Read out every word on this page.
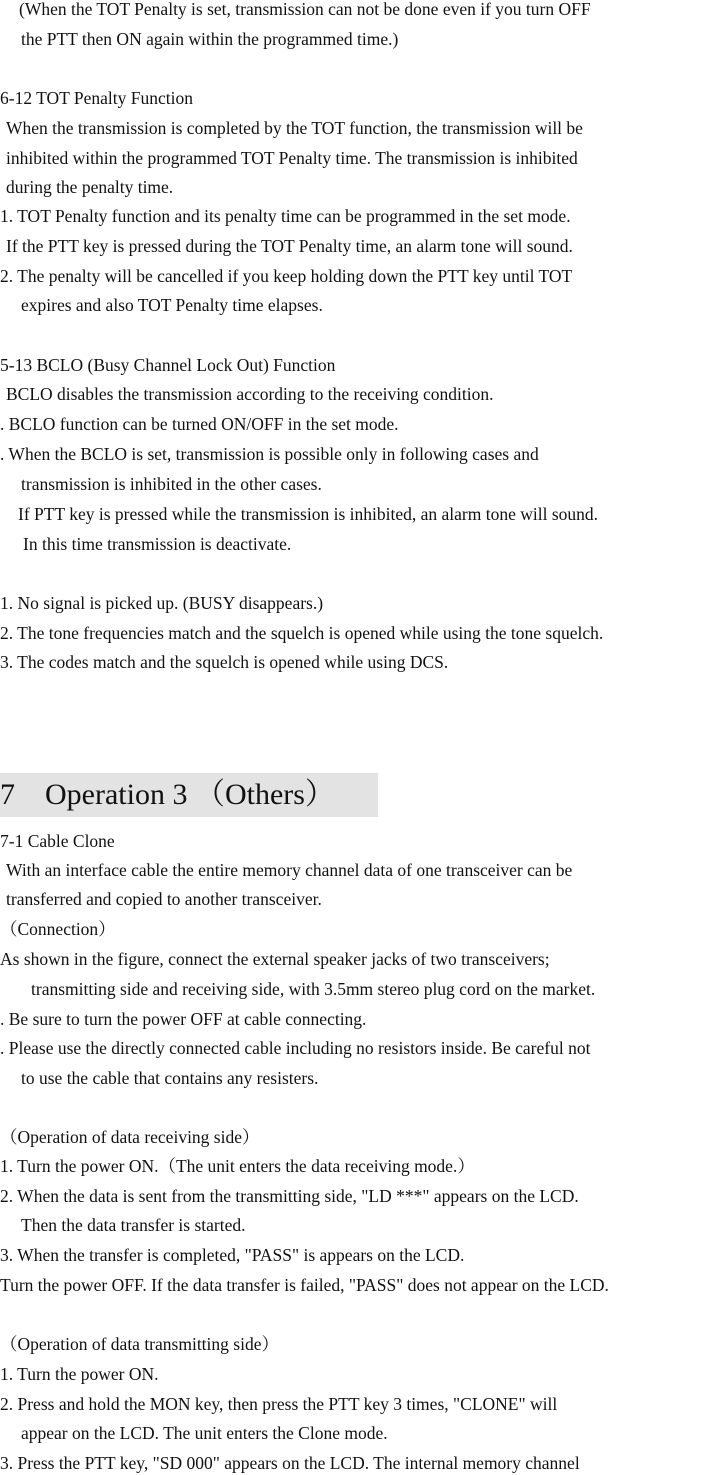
7　Operation 3 （Others）
(When the TOT Penalty is set, transmission can not be done even if you turn OFF
the PTT then ON again within the programmed time.)
6-12 TOT Penalty Function
When the transmission is completed by the TOT function, the transmission will be
inhibited within the programmed TOT Penalty time. The transmission is inhibited
during the penalty time.
1. TOT Penalty function and its penalty time can be programmed in the set mode.
If the PTT key is pressed during the TOT Penalty time, an alarm tone will sound.
2. The penalty will be cancelled if you keep holding down the PTT key until TOT
expires and also TOT Penalty time elapses.
5-13 BCLO (Busy Channel Lock Out) Function
BCLO disables the transmission according to the receiving condition.
. BCLO function can be turned ON/OFF in the set mode.
. When the BCLO is set, transmission is possible only in following cases and
transmission is inhibited in the other cases.
If PTT key is pressed while the transmission is inhibited, an alarm tone will sound.
In this time transmission is deactivate.
1. No signal is picked up. (BUSY disappears.)
2. The tone frequencies match and the squelch is opened while using the tone squelch.
3. The codes match and the squelch is opened while using DCS.
7-1 Cable Clone
With an interface cable the entire memory channel data of one transceiver can be
transferred and copied to another transceiver.
（Connection）
As shown in the figure, connect the external speaker jacks of two transceivers;
transmitting side and receiving side, with 3.5mm stereo plug cord on the market.
. Be sure to turn the power OFF at cable connecting.
. Please use the directly connected cable including no resistors inside. Be careful not
to use the cable that contains any resisters.
（Operation of data receiving side）
1. Turn the power ON.（The unit enters the data receiving mode.）
2. When the data is sent from the transmitting side, "LD ***" appears on the LCD.
Then the data transfer is started.
3. When the transfer is completed, "PASS" is appears on the LCD.
Turn the power OFF. If the data transfer is failed, "PASS" does not appear on the LCD.
（Operation of data transmitting side）
1. Turn the power ON.
2. Press and hold the MON key, then press the PTT key 3 times, "CLONE" will
appear on the LCD. The unit enters the Clone mode.
3. Press the PTT key, "SD 000" appears on the LCD. The internal memory channel
